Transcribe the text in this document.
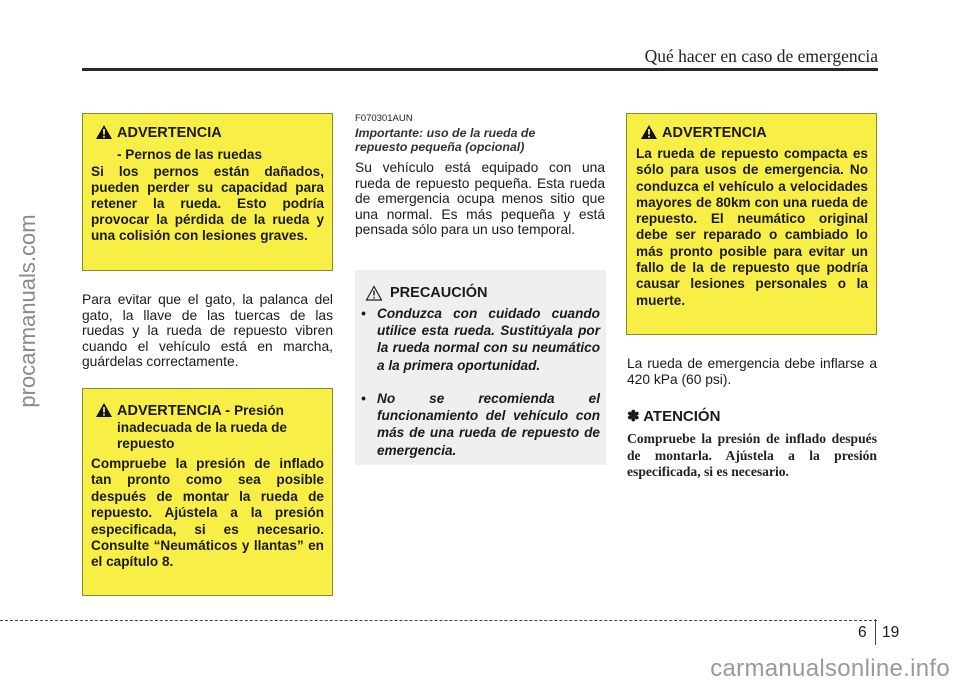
Qué hacer en caso de emergencia
procarmanuals.com
ADVERTENCIA
- Pernos de las ruedas
Si los pernos están dañados, pueden perder su capacidad para retener la rueda. Esto podría provocar la pérdida de la rueda y una colisión con lesiones graves.
Para evitar que el gato, la palanca del gato, la llave de las tuercas de las ruedas y la rueda de repuesto vibren cuando el vehículo está en marcha, guárdelas correctamente.
ADVERTENCIA - Presión
inadecuada de la rueda de
repuesto
Compruebe la presión de inflado tan pronto como sea posible después de montar la rueda de repuesto. Ajústela a la presión especificada, si es necesario. Consulte “Neumáticos y llantas” en el capítulo 8.
F070301AUN
Importante: uso de la rueda de repuesto pequeña (opcional)
Su vehículo está equipado con una rueda de repuesto pequeña. Esta rueda de emergencia ocupa menos sitio que una normal. Es más pequeña y está pensada sólo para un uso temporal.
PRECAUCIÓN
• Conduzca con cuidado cuando utilice esta rueda. Sustitúyala por la rueda normal con su neumático a la primera oportunidad.
• No se recomienda el funcionamiento del vehículo con más de una rueda de repuesto de emergencia.
ADVERTENCIA
La rueda de repuesto compacta es sólo para usos de emergencia. No conduzca el vehículo a velocidades mayores de 80km con una rueda de repuesto. El neumático original debe ser reparado o cambiado lo más pronto posible para evitar un fallo de la de repuesto que podría causar lesiones personales o la muerte.
La rueda de emergencia debe inflarse a 420 kPa (60 psi).
✽ ATENCIÓN
Compruebe la presión de inflado después de montarla. Ajústela a la presión especificada, si es necesario.
6 19
carmanualsonline.info
